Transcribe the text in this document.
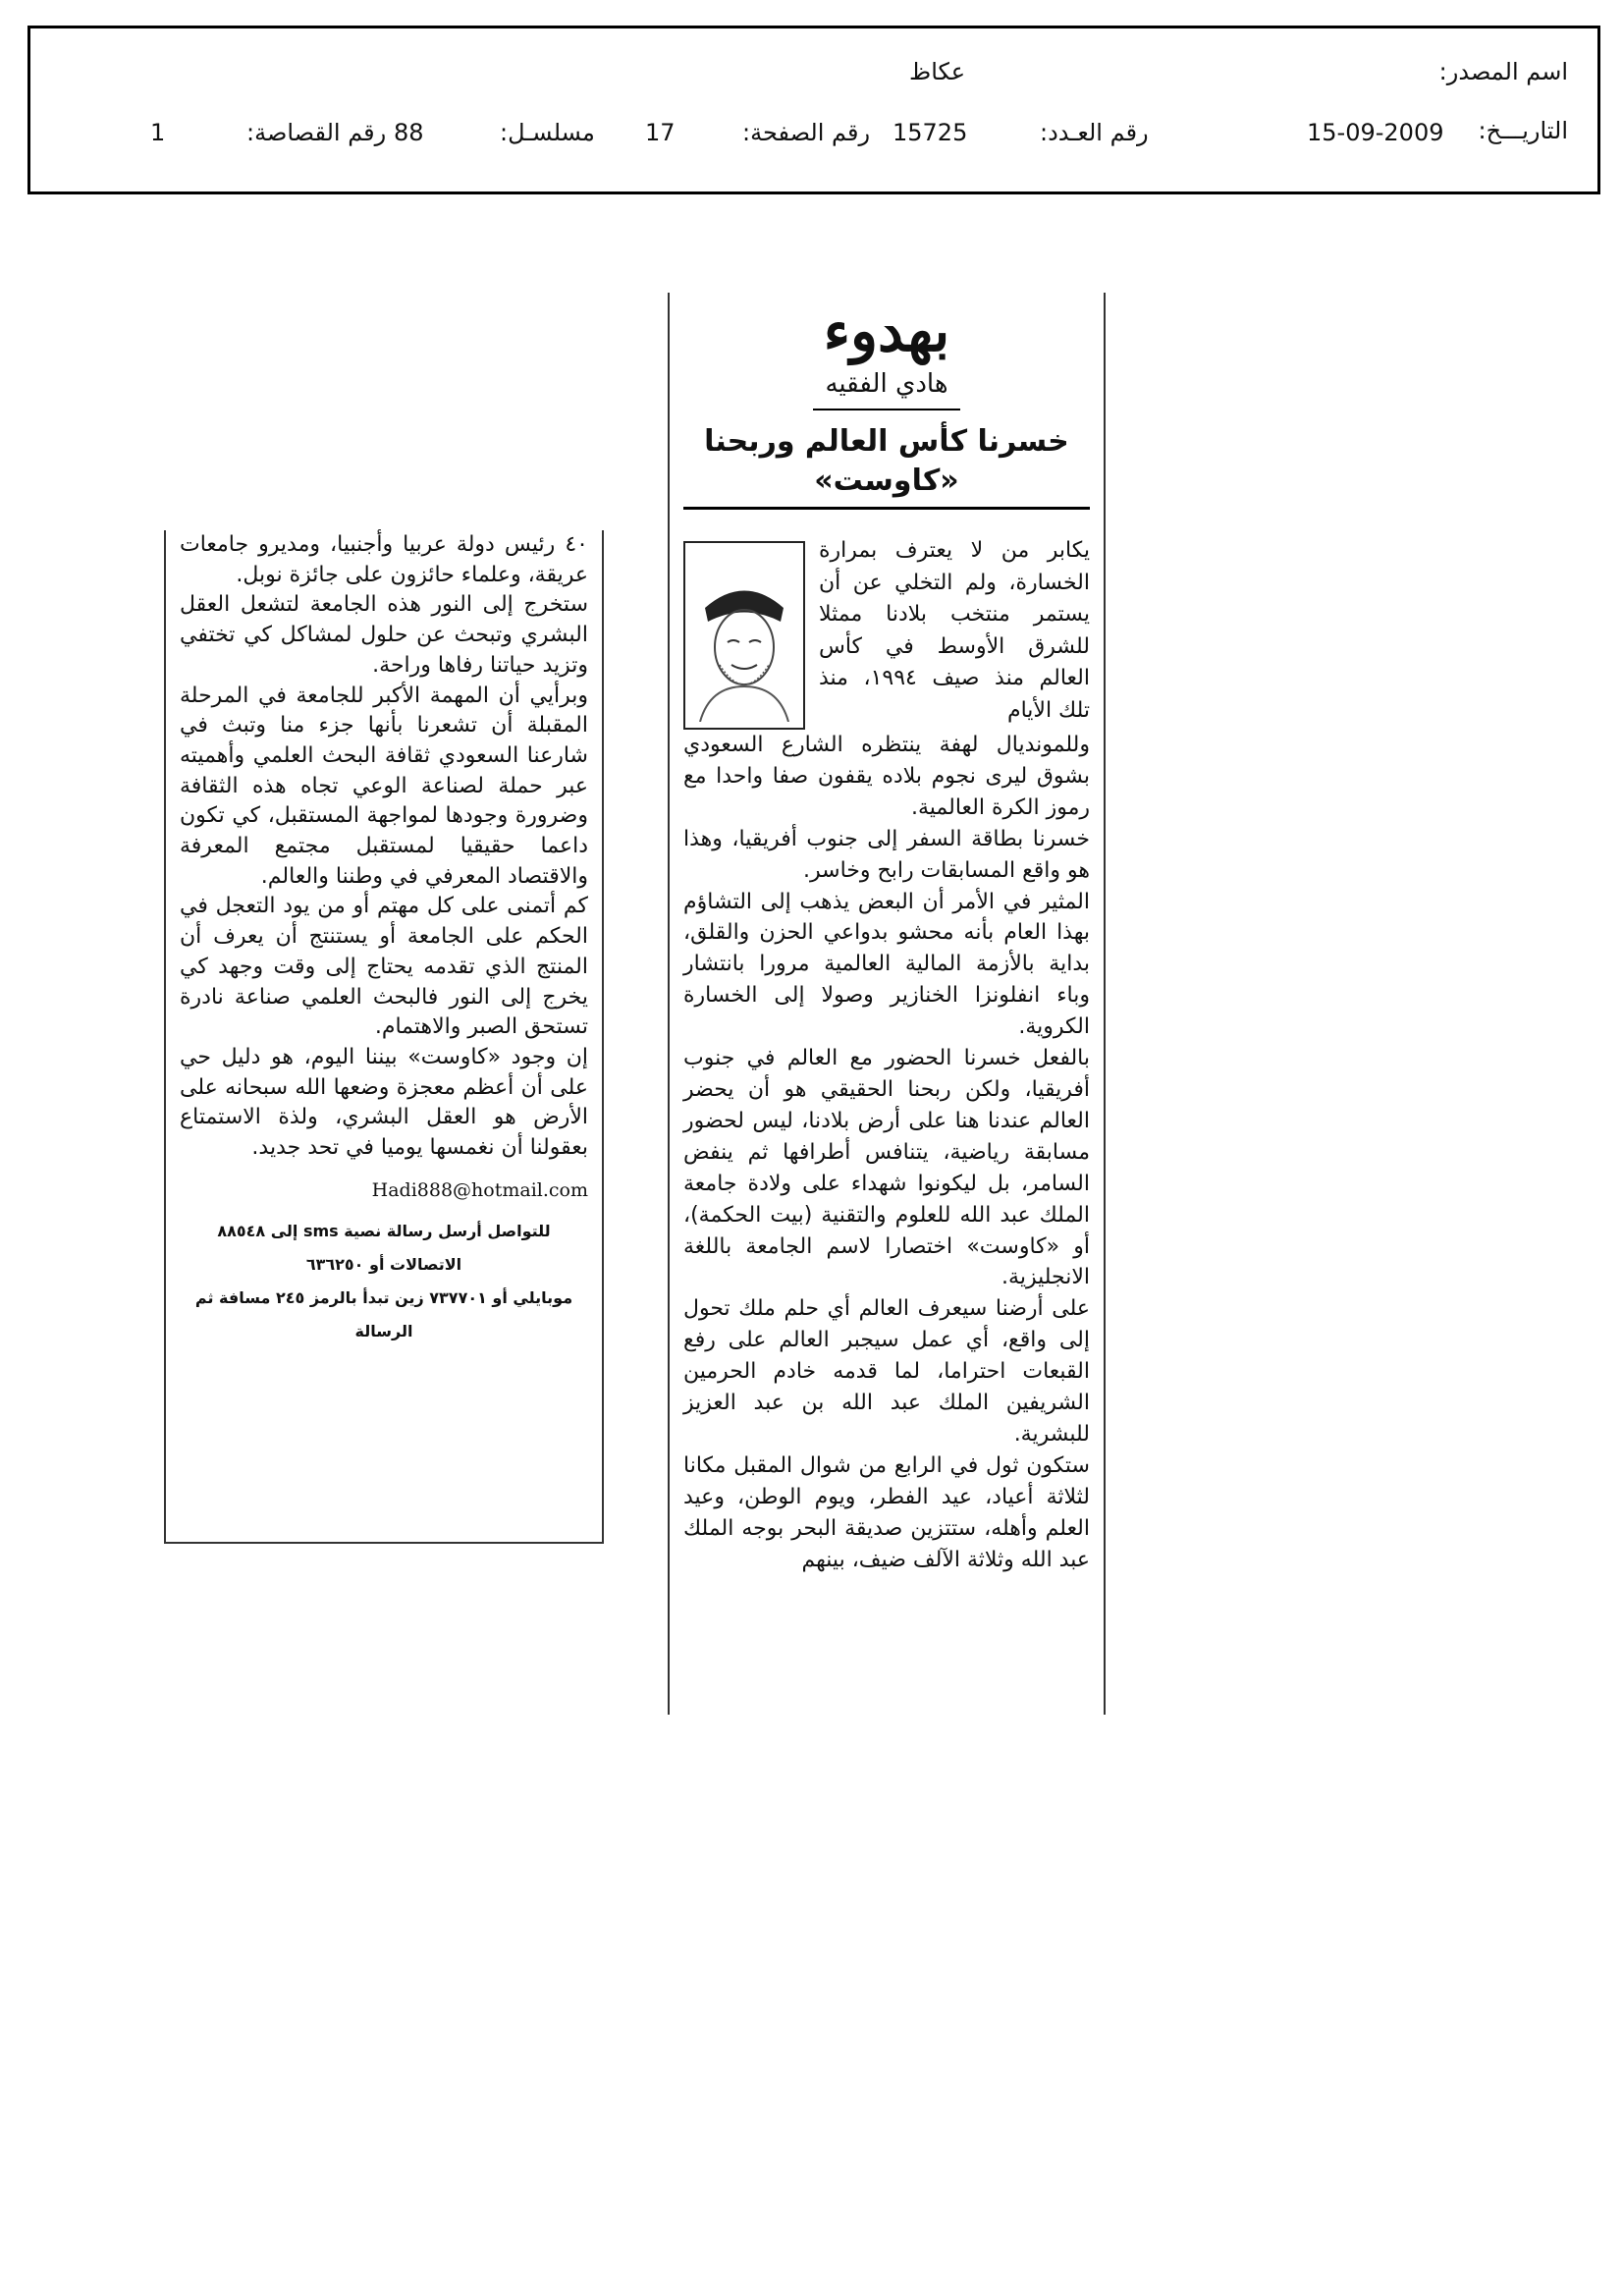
اسم المصدر:
عكاظ
التاريـــخ:
15-09-2009
رقم العـدد:
15725
رقم الصفحة:
17
مسلسـل:
88
رقم القصاصة:
1
بهدوء
هادي الفقيه
خسرنا كأس العالم وربحنا «كاوست»
يكابر من لا يعترف بمرارة الخسارة، ولم التخلي عن أن يستمر منتخب بلادنا ممثلا للشرق الأوسط في كأس العالم منذ صيف ١٩٩٤، منذ تلك الأيام

وللمونديال لهفة ينتظره الشارع السعودي بشوق ليرى نجوم بلاده يقفون صفا واحدا مع رموز الكرة العالمية.

خسرنا بطاقة السفر إلى جنوب أفريقيا، وهذا هو واقع المسابقات رابح وخاسر.

المثير في الأمر أن البعض يذهب إلى التشاؤم بهذا العام بأنه محشو بدواعي الحزن والقلق، بداية بالأزمة المالية العالمية مرورا بانتشار وباء انفلونزا الخنازير وصولا إلى الخسارة الكروية.

بالفعل خسرنا الحضور مع العالم في جنوب أفريقيا، ولكن ربحنا الحقيقي هو أن يحضر العالم عندنا هنا على أرض بلادنا، ليس لحضور مسابقة رياضية، يتنافس أطرافها ثم ينفض السامر، بل ليكونوا شهداء على ولادة جامعة الملك عبد الله للعلوم والتقنية (بيت الحكمة)، أو «كاوست» اختصارا لاسم الجامعة باللغة الانجليزية.

على أرضنا سيعرف العالم أي حلم ملك تحول إلى واقع، أي عمل سيجبر العالم على رفع القبعات احتراما، لما قدمه خادم الحرمين الشريفين الملك عبد الله بن عبد العزيز للبشرية.

ستكون ثول في الرابع من شوال المقبل مكانا لثلاثة أعياد، عيد الفطر، ويوم الوطن، وعيد العلم وأهله، ستتزين صديقة البحر بوجه الملك عبد الله وثلاثة الآلف ضيف، بينهم

٤٠ رئيس دولة عربيا وأجنبيا، ومديرو جامعات عريقة، وعلماء حائزون على جائزة نوبل.

ستخرج إلى النور هذه الجامعة لتشعل العقل البشري وتبحث عن حلول لمشاكل كي تختفي وتزيد حياتنا رفاها وراحة.

وبرأيي أن المهمة الأكبر للجامعة في المرحلة المقبلة أن تشعرنا بأنها جزء منا وتبث في شارعنا السعودي ثقافة البحث العلمي وأهميته عبر حملة لصناعة الوعي تجاه هذه الثقافة وضرورة وجودها لمواجهة المستقبل، كي تكون داعما حقيقيا لمستقبل مجتمع المعرفة والاقتصاد المعرفي في وطننا والعالم.

كم أتمنى على كل مهتم أو من يود التعجل في الحكم على الجامعة أو يستنتج أن يعرف أن المنتج الذي تقدمه يحتاج إلى وقت وجهد كي يخرج إلى النور فالبحث العلمي صناعة نادرة تستحق الصبر والاهتمام.

إن وجود «كاوست» بيننا اليوم، هو دليل حي على أن أعظم معجزة وضعها الله سبحانه على الأرض هو العقل البشري، ولذة الاستمتاع بعقولنا أن نغمسها يوميا في تحد جديد.

Hadi888@hotmail.com
للتواصل أرسل رسالة نصية sms إلى ٨٨٥٤٨ الاتصالات أو ٦٣٦٢٥٠
موبايلي أو ٧٣٧٧٠١ زين تبدأ بالرمز ٢٤٥ مسافة ثم الرسالة
